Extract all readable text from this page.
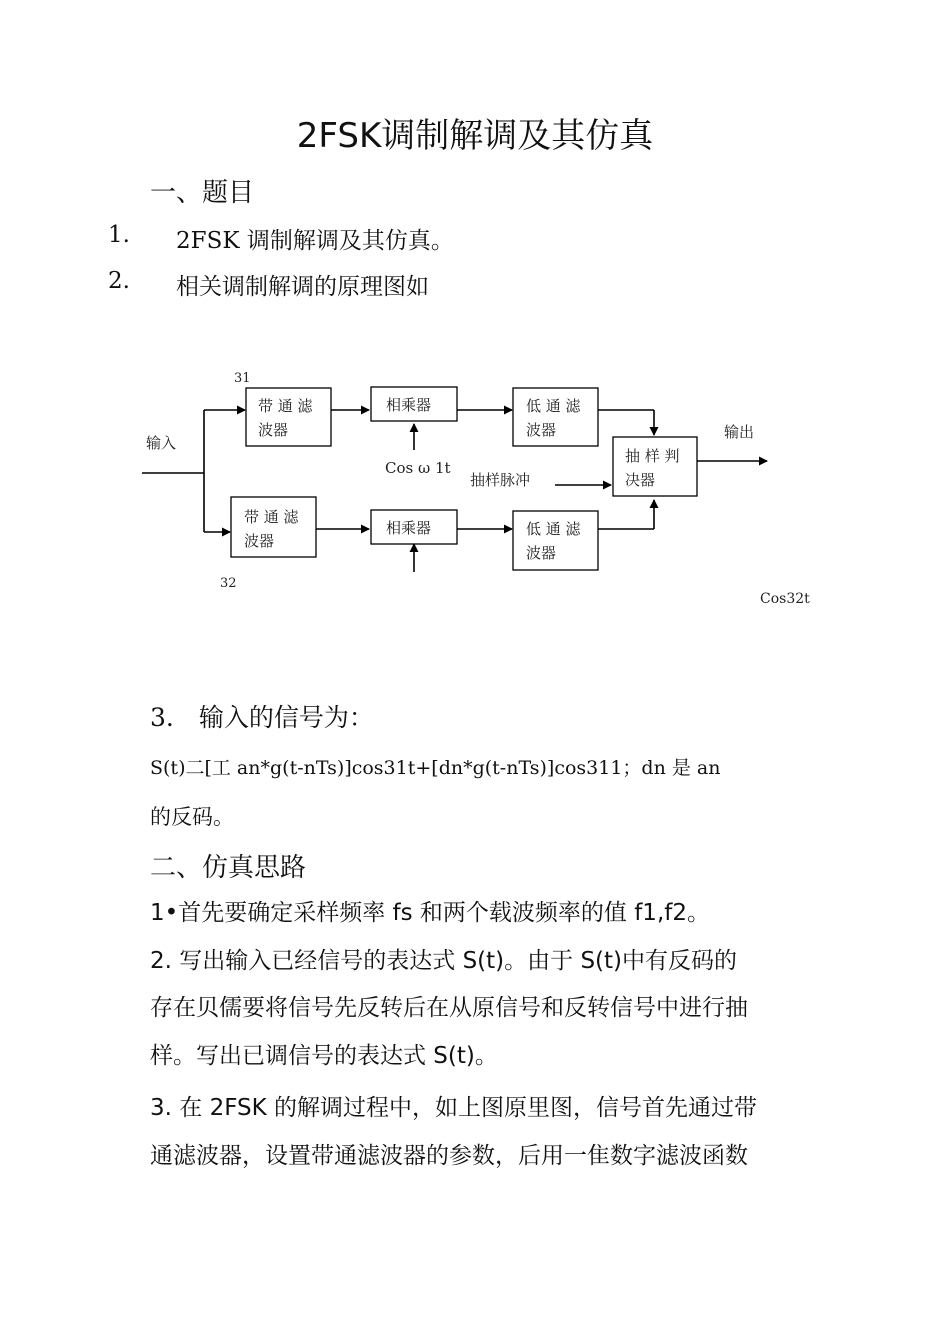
2FSK调制解调及其仿真
一、题目
1. 2FSK 调制解调及其仿真。
2. 相关调制解调的原理图如
带 通 滤
波器
相乘器	低 通 滤
波器
抽 样 判
决器
带 通 滤
波器
相乘器	低 通 滤
波器
输入
输出
抽样脉冲
31
32
Cos ω 1t
Cos32t
3.　输入的信号为：
S(t)二[工 an*g(t-nTs)]cos31t+[dn*g(t-nTs)]cos311；dn 是 an
的反码。
二、仿真思路
1•首先要确定采样频率 fs 和两个载波频率的值 f1,f2。
2. 写出输入已经信号的表达式 S(t)。由于 S(t)中有反码的
存在贝儒要将信号先反转后在从原信号和反转信号中进行抽
样。写出已调信号的表达式 S(t)。
3. 在 2FSK 的解调过程中，如上图原里图，信号首先通过带
通滤波器，设置带通滤波器的参数，后用一隹数字滤波函数
